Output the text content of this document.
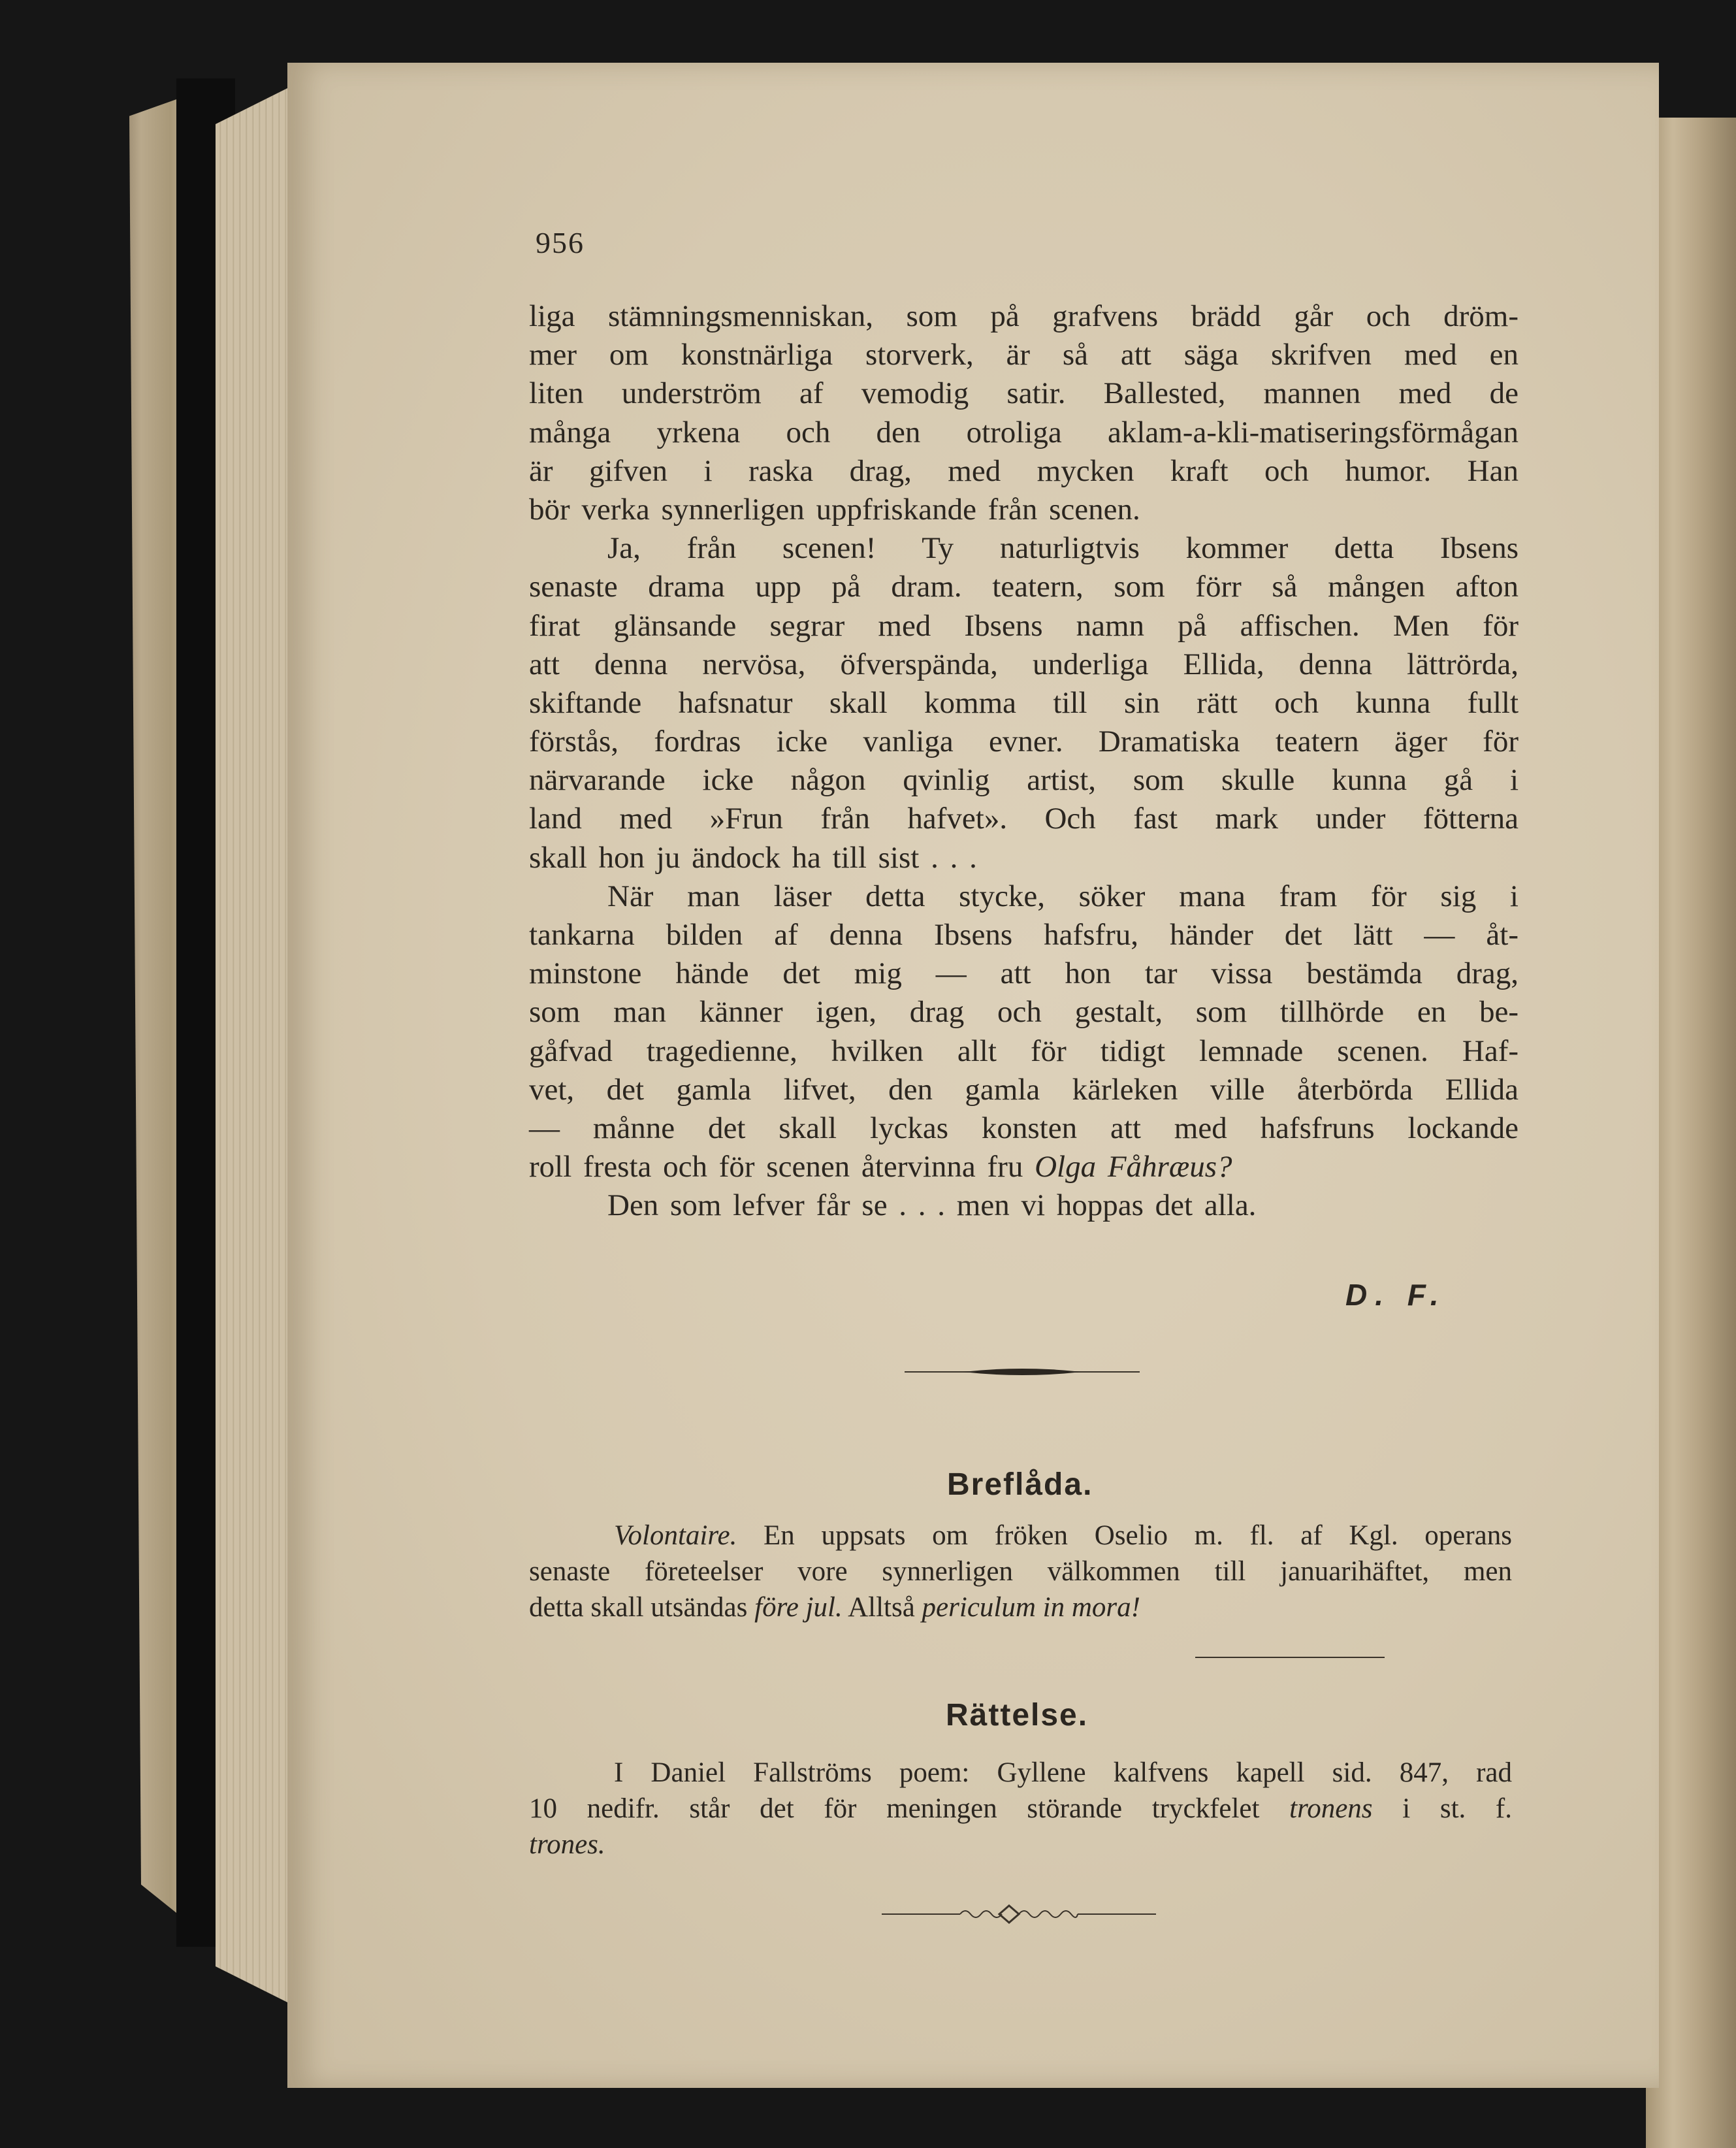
956
liga stämningsmenniskan, som på grafvens brädd går och dröm-
mer om konstnärliga storverk, är så att säga skrifven med en
liten underström af vemodig satir. Ballested, mannen med de
många yrkena och den otroliga aklam-a-kli-matiseringsförmågan
är gifven i raska drag, med mycken kraft och humor. Han
bör verka synnerligen uppfriskande från scenen.
Ja, från scenen! Ty naturligtvis kommer detta Ibsens
senaste drama upp på dram. teatern, som förr så mången afton
firat glänsande segrar med Ibsens namn på affischen. Men för
att denna nervösa, öfverspända, underliga Ellida, denna lättrörda,
skiftande hafsnatur skall komma till sin rätt och kunna fullt
förstås, fordras icke vanliga evner. Dramatiska teatern äger för
närvarande icke någon qvinlig artist, som skulle kunna gå i
land med »Frun från hafvet». Och fast mark under fötterna
skall hon ju ändock ha till sist . . .
När man läser detta stycke, söker mana fram för sig i
tankarna bilden af denna Ibsens hafsfru, händer det lätt — åt-
minstone hände det mig — att hon tar vissa bestämda drag,
som man känner igen, drag och gestalt, som tillhörde en be-
gåfvad tragedienne, hvilken allt för tidigt lemnade scenen. Haf-
vet, det gamla lifvet, den gamla kärleken ville återbörda Ellida
— månne det skall lyckas konsten att med hafsfruns lockande
roll fresta och för scenen återvinna fru Olga Fåhræus?
Den som lefver får se . . . men vi hoppas det alla.
D. F.
Breflåda.
Volontaire. En uppsats om fröken Oselio m. fl. af Kgl. operans
senaste företeelser vore synnerligen välkommen till januarihäftet, men
detta skall utsändas före jul. Alltså periculum in mora!
Rättelse.
I Daniel Fallströms poem: Gyllene kalfvens kapell sid. 847, rad
10 nedifr. står det för meningen störande tryckfelet tronens i st. f.
trones.
